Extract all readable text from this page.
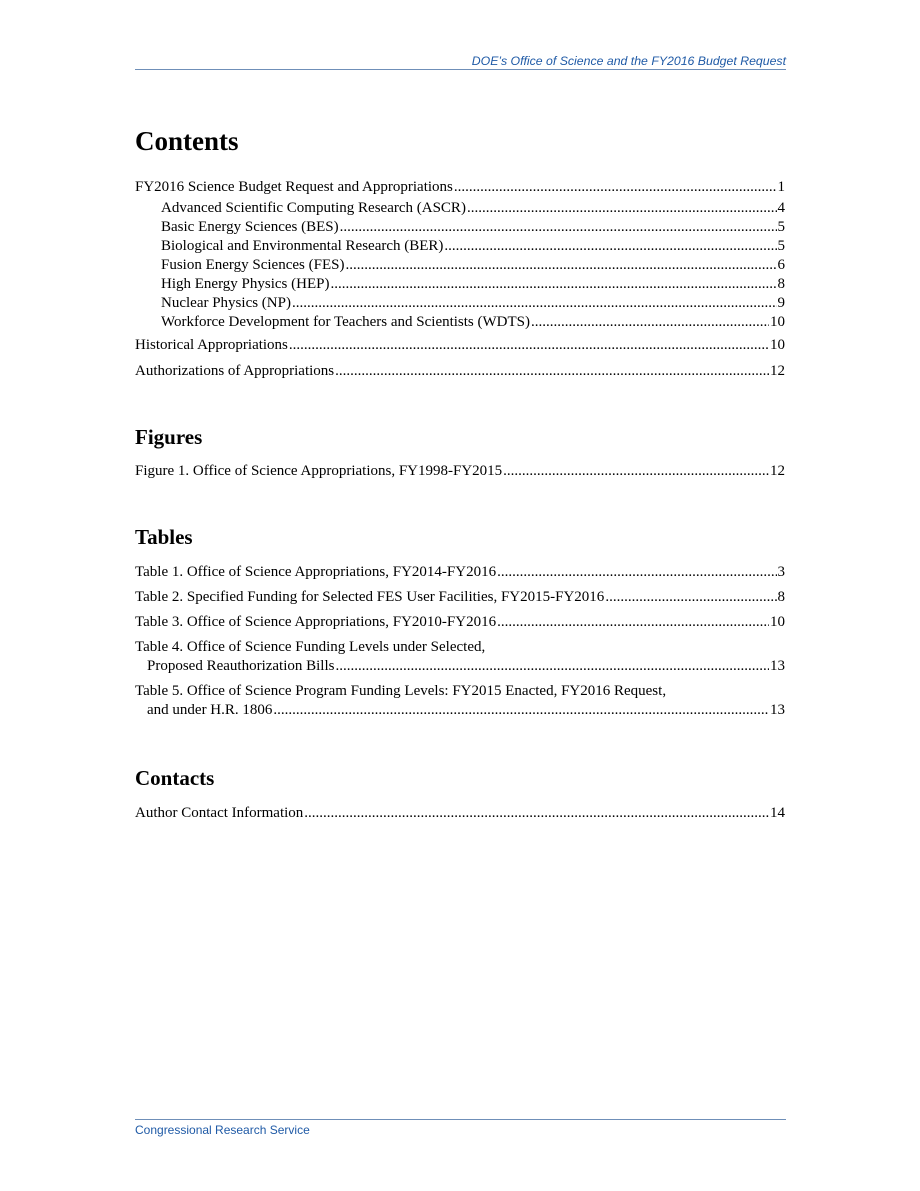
DOE’s Office of Science and the FY2016 Budget Request
Contents
FY2016 Science Budget Request and Appropriations .....	1
Advanced Scientific Computing Research (ASCR) .....	4
Basic Energy Sciences (BES) .....	5
Biological and Environmental Research (BER) .....	5
Fusion Energy Sciences (FES) .....	6
High Energy Physics (HEP) .....	8
Nuclear Physics (NP) .....	9
Workforce Development for Teachers and Scientists (WDTS) .....	10
Historical Appropriations .....	10
Authorizations of Appropriations .....	12
Figures
Figure 1. Office of Science Appropriations, FY1998-FY2015 .....	12
Tables
Table 1. Office of Science Appropriations, FY2014-FY2016 .....	3
Table 2. Specified Funding for Selected FES User Facilities, FY2015-FY2016 .....	8
Table 3. Office of Science Appropriations, FY2010-FY2016 .....	10
Table 4. Office of Science Funding Levels under Selected,
Proposed Reauthorization Bills .....	13
Table 5. Office of Science Program Funding Levels: FY2015 Enacted, FY2016 Request,
and under H.R. 1806 .....	13
Contacts
Author Contact Information .....	14
Congressional Research Service
